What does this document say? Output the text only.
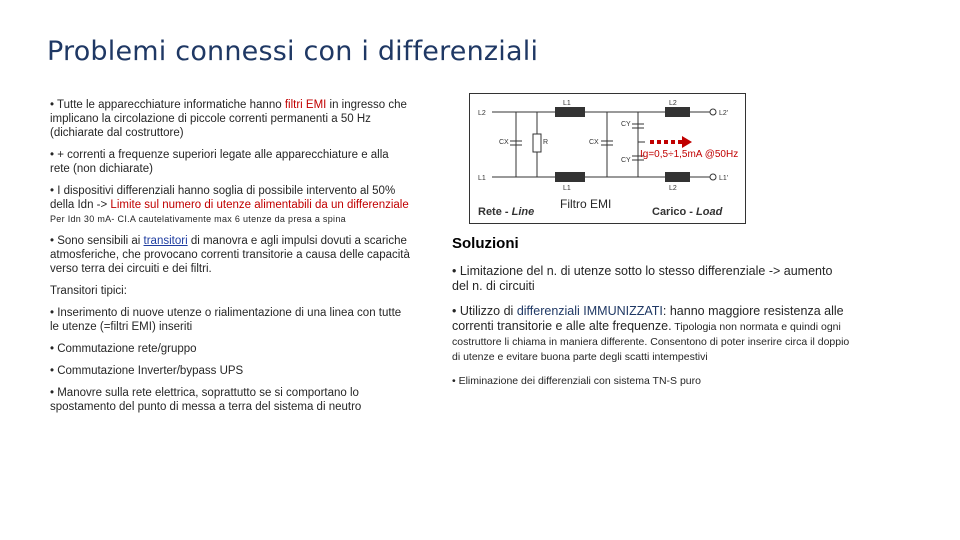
Problemi connessi con i differenziali

• Tutte le apparecchiature informatiche hanno filtri EMI in ingresso che implicano la circolazione di piccole correnti permanenti a 50 Hz (dichiarate dal costruttore)

• + correnti a frequenze superiori legate alle apparecchiature e alla rete (non dichiarate)

• I dispositivi differenziali hanno soglia di possibile intervento al 50% della Idn -> Limite sul numero di utenze alimentabili da un differenziale Per Idn 30 mA- CI.A cautelativamente max 6 utenze da presa a spina

• Sono sensibili ai transitori di manovra e agli impulsi dovuti a scariche atmosferiche, che provocano correnti transitorie a causa delle capacità verso terra dei circuiti e dei filtri.

Transitori tipici:

• Inserimento di nuove utenze o rialimentazione di una linea con tutte le utenze (=filtri EMI) inseriti

• Commutazione rete/gruppo

• Commutazione Inverter/bypass UPS

• Manovre sulla rete elettrica, soprattutto se si comportano lo spostamento del punto di messa a terra del sistema di neutro

L2
L1
L1
L1
L2
L2
L2'
L1'
CX	R	CX
CY
CY
Rete - Line	Carico - Load
Ig=0,5÷1,5mA @50Hz
Filtro EMI
Soluzioni

• Limitazione del n. di utenze sotto lo stesso differenziale -> aumento del n. di circuiti

• Utilizzo di differenziali IMMUNIZZATI: hanno maggiore resistenza alle correnti transitorie e alle alte frequenze. Tipologia non normata e quindi ogni costruttore li chiama in maniera differente. Consentono di poter inserire circa il doppio di utenze e evitare buona parte degli scatti intempestivi

• Eliminazione dei differenziali con sistema TN-S puro
